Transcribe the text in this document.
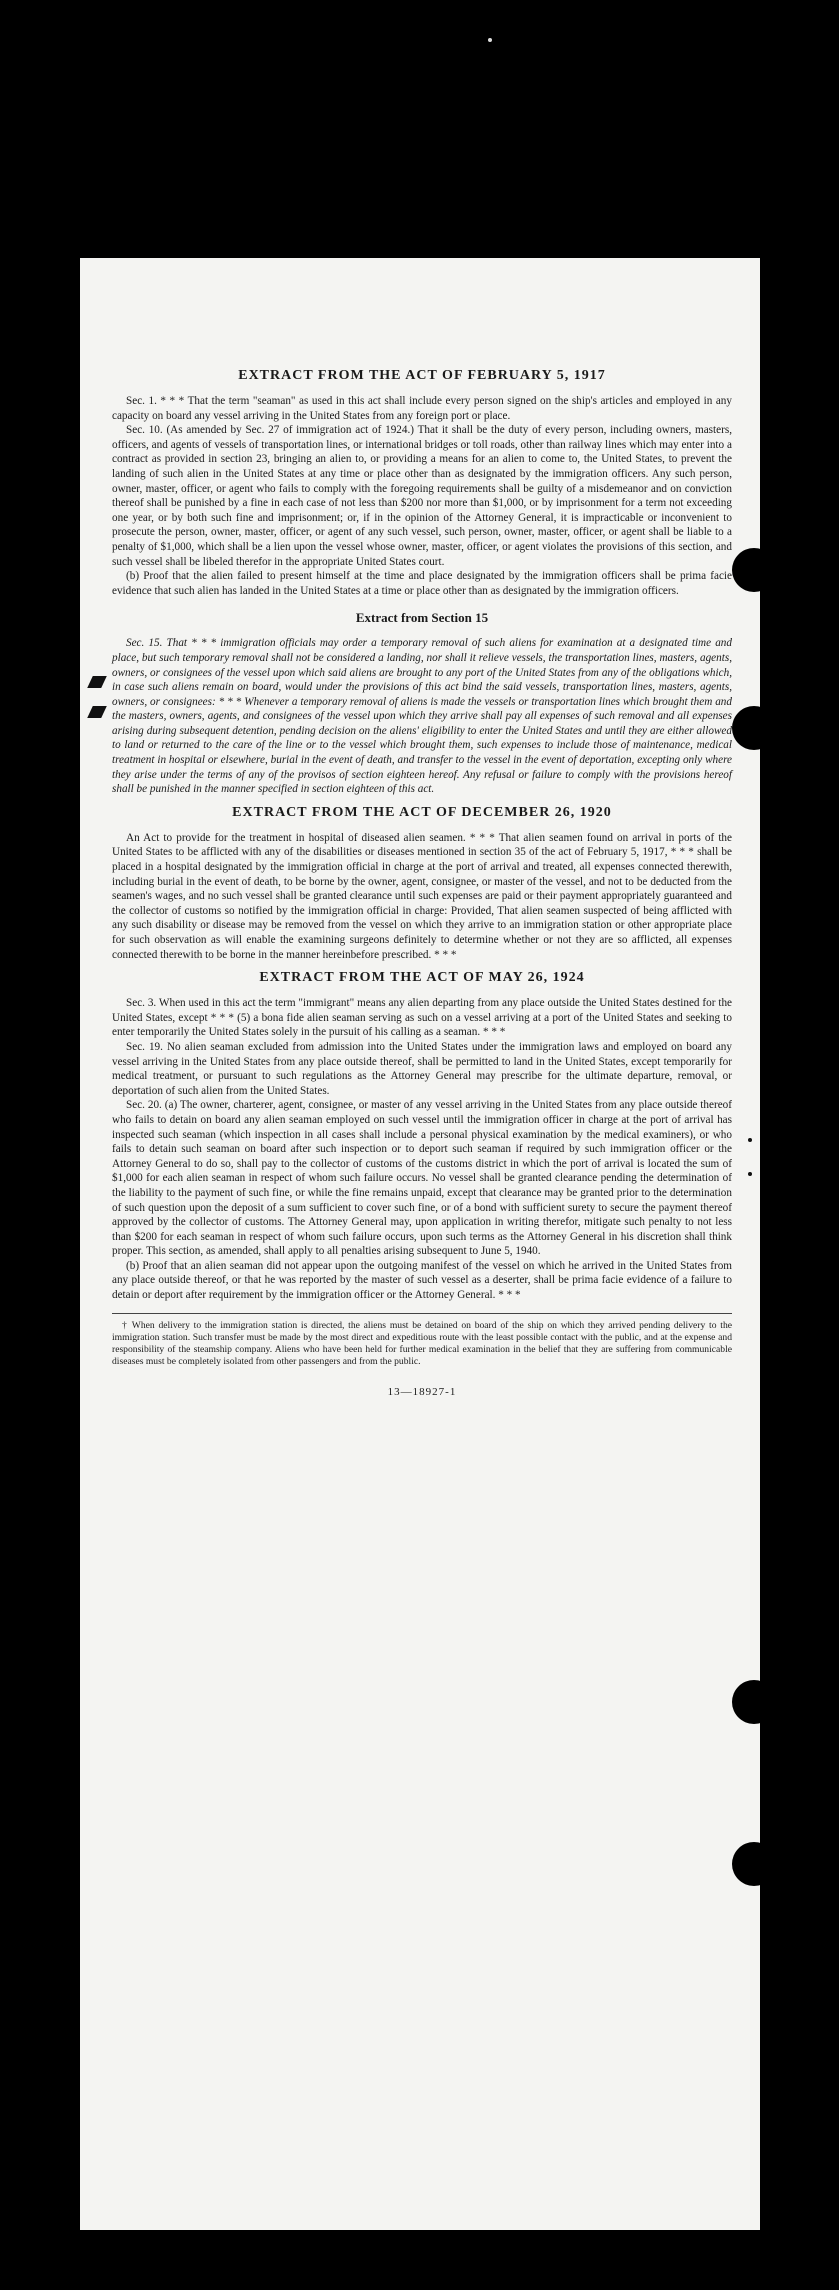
EXTRACT FROM THE ACT OF FEBRUARY 5, 1917

Sec. 1. * * * That the term "seaman" as used in this act shall include every person signed on the ship's articles and employed in any capacity on board any vessel arriving in the United States from any foreign port or place.

Sec. 10. (As amended by Sec. 27 of immigration act of 1924.) That it shall be the duty of every person, including owners, masters, officers, and agents of vessels of transportation lines, or international bridges or toll roads, other than railway lines which may enter into a contract as provided in section 23, bringing an alien to, or providing a means for an alien to come to, the United States, to prevent the landing of such alien in the United States at any time or place other than as designated by the immigration officers. Any such person, owner, master, officer, or agent who fails to comply with the foregoing requirements shall be guilty of a misdemeanor and on conviction thereof shall be punished by a fine in each case of not less than $200 nor more than $1,000, or by imprisonment for a term not exceeding one year, or by both such fine and imprisonment; or, if in the opinion of the Attorney General, it is impracticable or inconvenient to prosecute the person, owner, master, officer, or agent of any such vessel, such person, owner, master, officer, or agent shall be liable to a penalty of $1,000, which shall be a lien upon the vessel whose owner, master, officer, or agent violates the provisions of this section, and such vessel shall be libeled therefor in the appropriate United States court.

(b) Proof that the alien failed to present himself at the time and place designated by the immigration officers shall be prima facie evidence that such alien has landed in the United States at a time or place other than as designated by the immigration officers.

Extract from Section 15

Sec. 15. That * * * immigration officials may order a temporary removal of such aliens for examination at a designated time and place, but such temporary removal shall not be considered a landing, nor shall it relieve vessels, the transportation lines, masters, agents, owners, or consignees of the vessel upon which said aliens are brought to any port of the United States from any of the obligations which, in case such aliens remain on board, would under the provisions of this act bind the said vessels, transportation lines, masters, agents, owners, or consignees: * * * Whenever a temporary removal of aliens is made the vessels or transportation lines which brought them and the masters, owners, agents, and consignees of the vessel upon which they arrive shall pay all expenses of such removal and all expenses arising during subsequent detention, pending decision on the aliens' eligibility to enter the United States and until they are either allowed to land or returned to the care of the line or to the vessel which brought them, such expenses to include those of maintenance, medical treatment in hospital or elsewhere, burial in the event of death, and transfer to the vessel in the event of deportation, excepting only where they arise under the terms of any of the provisos of section eighteen hereof. Any refusal or failure to comply with the provisions hereof shall be punished in the manner specified in section eighteen of this act.

EXTRACT FROM THE ACT OF DECEMBER 26, 1920

An Act to provide for the treatment in hospital of diseased alien seamen. * * * That alien seamen found on arrival in ports of the United States to be afflicted with any of the disabilities or diseases mentioned in section 35 of the act of February 5, 1917, * * * shall be placed in a hospital designated by the immigration official in charge at the port of arrival and treated, all expenses connected therewith, including burial in the event of death, to be borne by the owner, agent, consignee, or master of the vessel, and not to be deducted from the seamen's wages, and no such vessel shall be granted clearance until such expenses are paid or their payment appropriately guaranteed and the collector of customs so notified by the immigration official in charge: Provided, That alien seamen suspected of being afflicted with any such disability or disease may be removed from the vessel on which they arrive to an immigration station or other appropriate place for such observation as will enable the examining surgeons definitely to determine whether or not they are so afflicted, all expenses connected therewith to be borne in the manner hereinbefore prescribed. * * *

EXTRACT FROM THE ACT OF MAY 26, 1924

Sec. 3. When used in this act the term "immigrant" means any alien departing from any place outside the United States destined for the United States, except * * * (5) a bona fide alien seaman serving as such on a vessel arriving at a port of the United States and seeking to enter temporarily the United States solely in the pursuit of his calling as a seaman. * * *

Sec. 19. No alien seaman excluded from admission into the United States under the immigration laws and employed on board any vessel arriving in the United States from any place outside thereof, shall be permitted to land in the United States, except temporarily for medical treatment, or pursuant to such regulations as the Attorney General may prescribe for the ultimate departure, removal, or deportation of such alien from the United States.

Sec. 20. (a) The owner, charterer, agent, consignee, or master of any vessel arriving in the United States from any place outside thereof who fails to detain on board any alien seaman employed on such vessel until the immigration officer in charge at the port of arrival has inspected such seaman (which inspection in all cases shall include a personal physical examination by the medical examiners), or who fails to detain such seaman on board after such inspection or to deport such seaman if required by such immigration officer or the Attorney General to do so, shall pay to the collector of customs of the customs district in which the port of arrival is located the sum of $1,000 for each alien seaman in respect of whom such failure occurs. No vessel shall be granted clearance pending the determination of the liability to the payment of such fine, or while the fine remains unpaid, except that clearance may be granted prior to the determination of such question upon the deposit of a sum sufficient to cover such fine, or of a bond with sufficient surety to secure the payment thereof approved by the collector of customs. The Attorney General may, upon application in writing therefor, mitigate such penalty to not less than $200 for each seaman in respect of whom such failure occurs, upon such terms as the Attorney General in his discretion shall think proper. This section, as amended, shall apply to all penalties arising subsequent to June 5, 1940.

(b) Proof that an alien seaman did not appear upon the outgoing manifest of the vessel on which he arrived in the United States from any place outside thereof, or that he was reported by the master of such vessel as a deserter, shall be prima facie evidence of a failure to detain or deport after requirement by the immigration officer or the Attorney General. * * *

† When delivery to the immigration station is directed, the aliens must be detained on board of the ship on which they arrived pending delivery to the immigration station. Such transfer must be made by the most direct and expeditious route with the least possible contact with the public, and at the expense and responsibility of the steamship company. Aliens who have been held for further medical examination in the belief that they are suffering from communicable diseases must be completely isolated from other passengers and from the public.

13—18927-1
